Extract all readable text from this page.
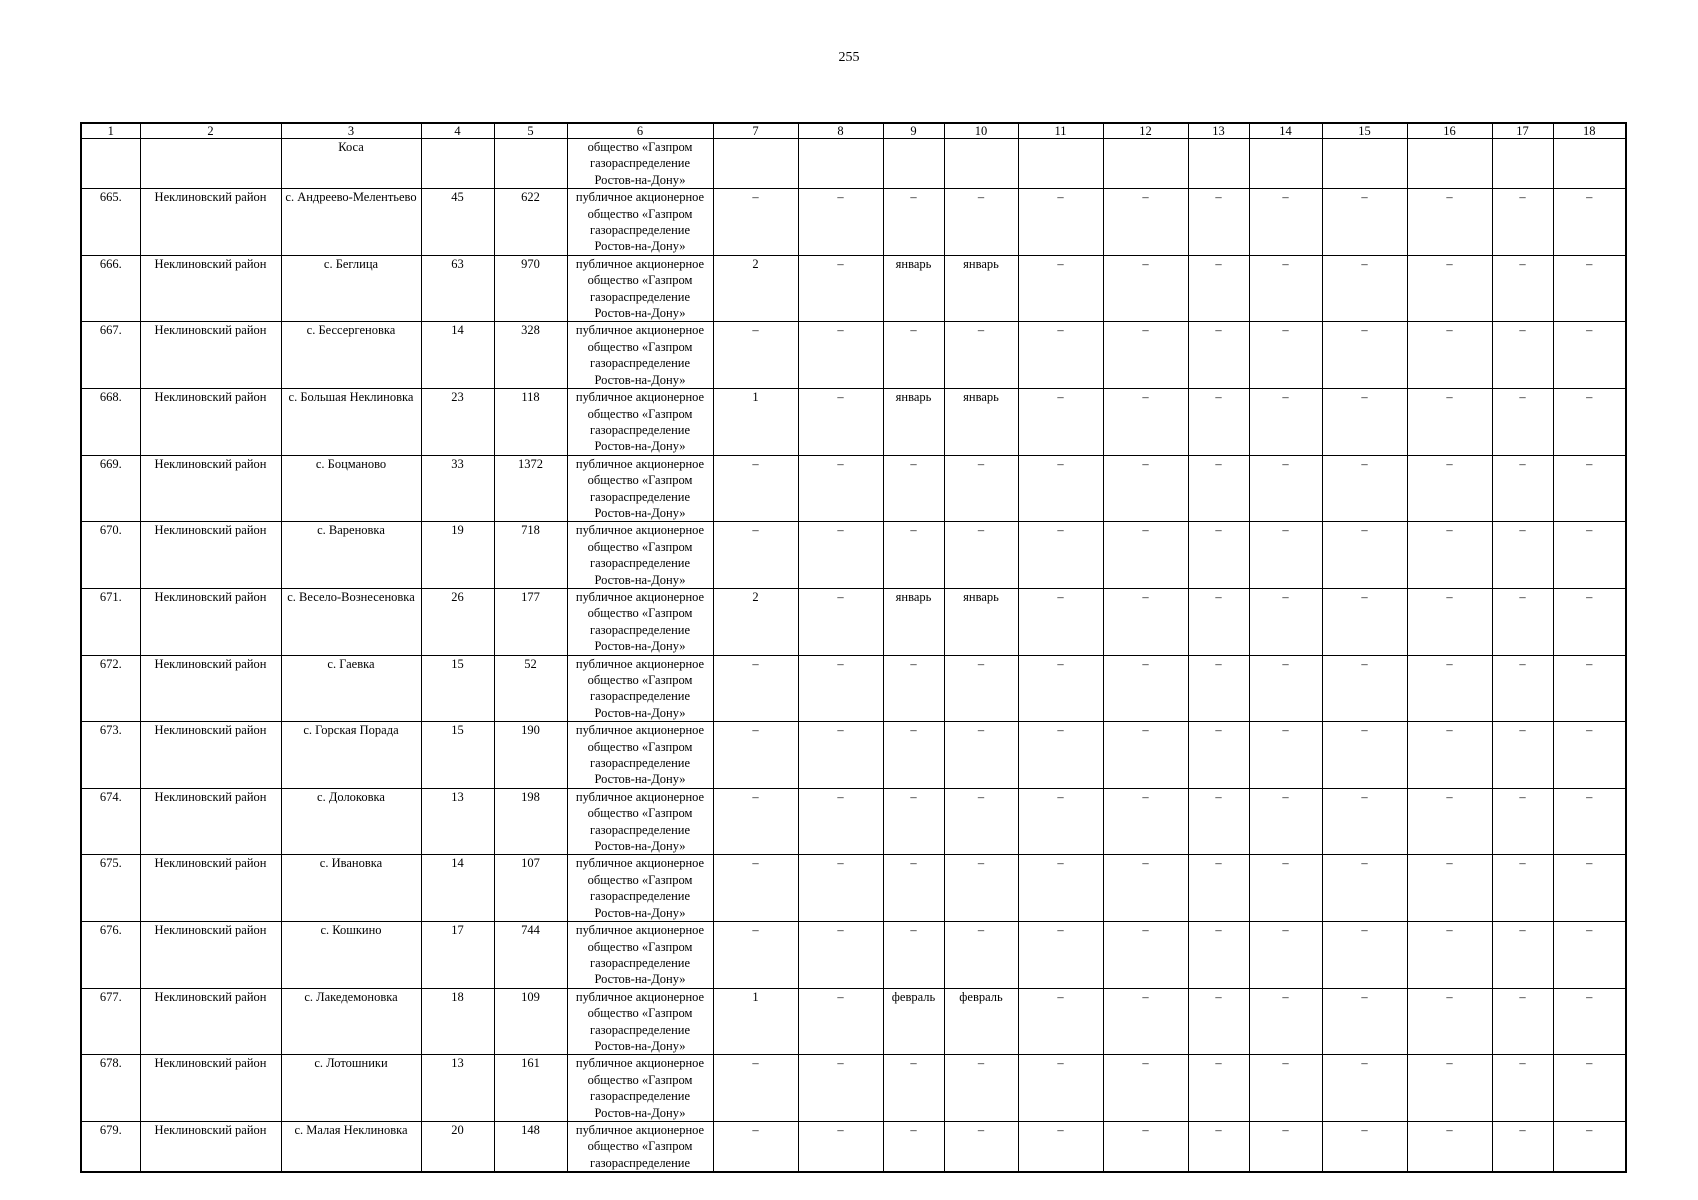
255
1	2	3	4	5	6	7	8	9	10	11	12	13	14	15	16	17	18
		Коса			общество «Газпром газораспределение Ростов-на-Дону»												
665.	Неклиновский район	с. Андреево-Мелентьево	45	622	публичное акционерное общество «Газпром газораспределение Ростов-на-Дону»	–	–	–	–	–	–	–	–	–	–	–	–
666.	Неклиновский район	с. Беглица	63	970	публичное акционерное общество «Газпром газораспределение Ростов-на-Дону»	2	–	январь	январь	–	–	–	–	–	–	–	–
667.	Неклиновский район	с. Бессергеновка	14	328	публичное акционерное общество «Газпром газораспределение Ростов-на-Дону»	–	–	–	–	–	–	–	–	–	–	–	–
668.	Неклиновский район	с. Большая Неклиновка	23	118	публичное акционерное общество «Газпром газораспределение Ростов-на-Дону»	1	–	январь	январь	–	–	–	–	–	–	–	–
669.	Неклиновский район	с. Боцманово	33	1372	публичное акционерное общество «Газпром газораспределение Ростов-на-Дону»	–	–	–	–	–	–	–	–	–	–	–	–
670.	Неклиновский район	с. Вареновка	19	718	публичное акционерное общество «Газпром газораспределение Ростов-на-Дону»	–	–	–	–	–	–	–	–	–	–	–	–
671.	Неклиновский район	с. Весело-Вознесеновка	26	177	публичное акционерное общество «Газпром газораспределение Ростов-на-Дону»	2	–	январь	январь	–	–	–	–	–	–	–	–
672.	Неклиновский район	с. Гаевка	15	52	публичное акционерное общество «Газпром газораспределение Ростов-на-Дону»	–	–	–	–	–	–	–	–	–	–	–	–
673.	Неклиновский район	с. Горская Порада	15	190	публичное акционерное общество «Газпром газораспределение Ростов-на-Дону»	–	–	–	–	–	–	–	–	–	–	–	–
674.	Неклиновский район	с. Долоковка	13	198	публичное акционерное общество «Газпром газораспределение Ростов-на-Дону»	–	–	–	–	–	–	–	–	–	–	–	–
675.	Неклиновский район	с. Ивановка	14	107	публичное акционерное общество «Газпром газораспределение Ростов-на-Дону»	–	–	–	–	–	–	–	–	–	–	–	–
676.	Неклиновский район	с. Кошкино	17	744	публичное акционерное общество «Газпром газораспределение Ростов-на-Дону»	–	–	–	–	–	–	–	–	–	–	–	–
677.	Неклиновский район	с. Лакедемоновка	18	109	публичное акционерное общество «Газпром газораспределение Ростов-на-Дону»	1	–	февраль	февраль	–	–	–	–	–	–	–	–
678.	Неклиновский район	с. Лотошники	13	161	публичное акционерное общество «Газпром газораспределение Ростов-на-Дону»	–	–	–	–	–	–	–	–	–	–	–	–
679.	Неклиновский район	с. Малая Неклиновка	20	148	публичное акционерное общество «Газпром газораспределение	–	–	–	–	–	–	–	–	–	–	–	–
